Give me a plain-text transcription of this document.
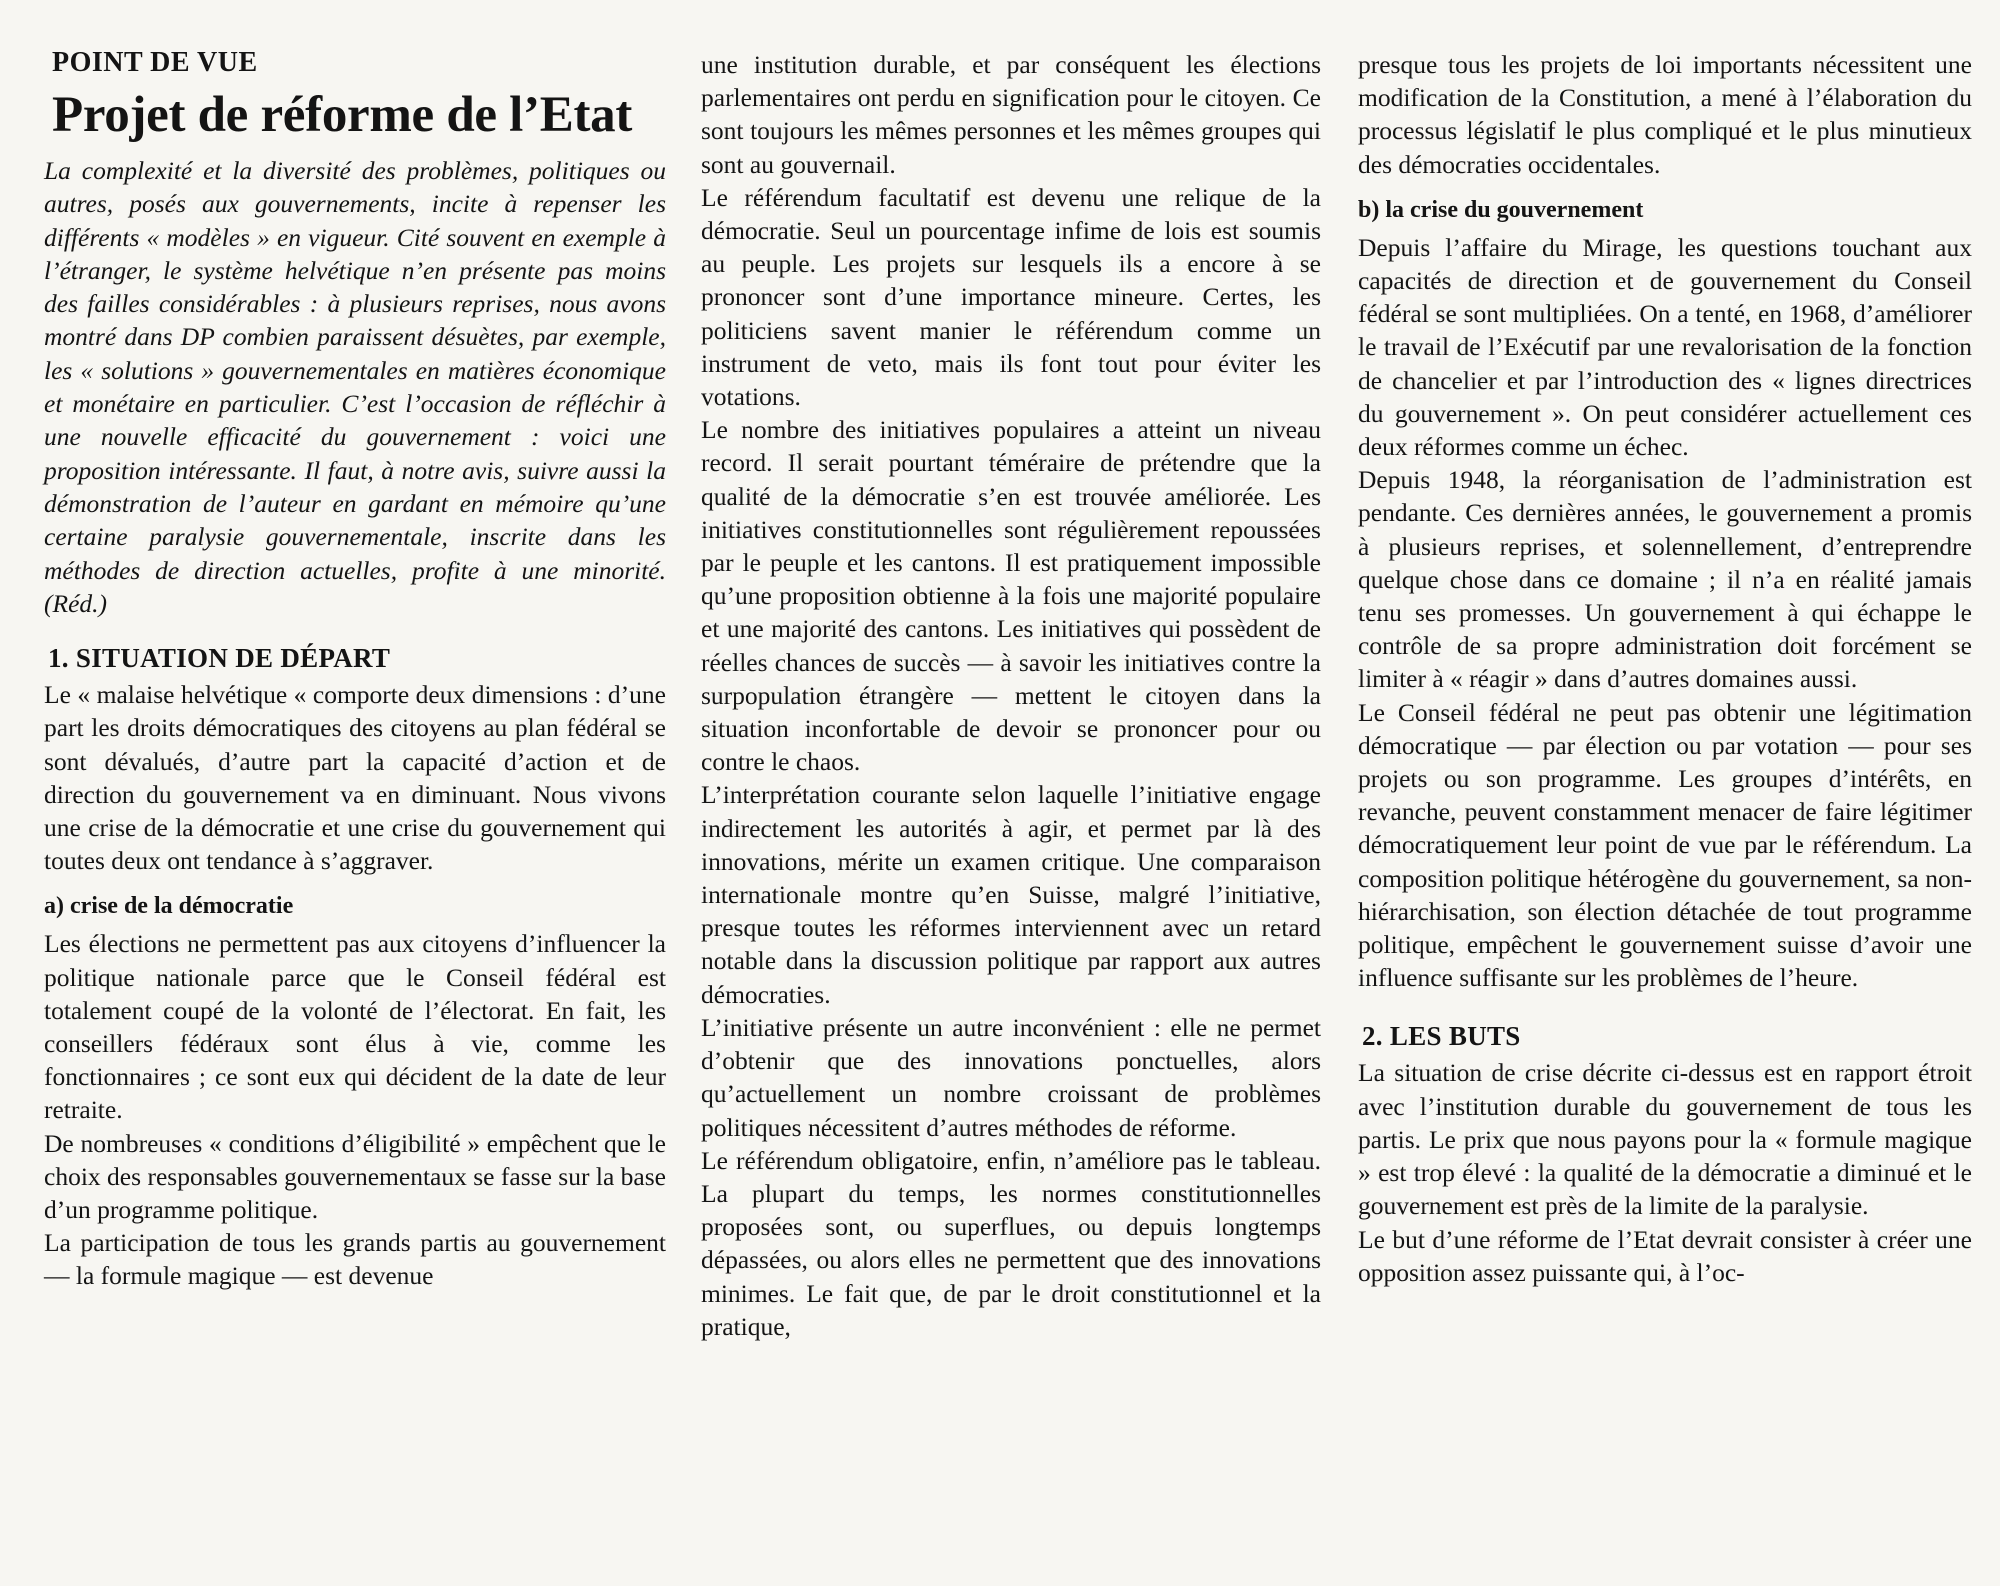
POINT DE VUE
Projet de réforme de l’Etat

La complexité et la diversité des problèmes, politiques ou autres, posés aux gouvernements, incite à repenser les différents « modèles » en vigueur. Cité souvent en exemple à l’étranger, le système helvétique n’en présente pas moins des failles considérables : à plusieurs reprises, nous avons montré dans DP combien paraissent désuètes, par exemple, les « solutions » gouvernementales en matières économique et monétaire en particulier. C’est l’occasion de réfléchir à une nouvelle efficacité du gouvernement : voici une proposition intéressante. Il faut, à notre avis, suivre aussi la démonstration de l’auteur en gardant en mémoire qu’une certaine paralysie gouvernementale, inscrite dans les méthodes de direction actuelles, profite à une minorité. (Réd.)

1. SITUATION DE DÉPART

Le « malaise helvétique « comporte deux dimensions : d’une part les droits démocratiques des citoyens au plan fédéral se sont dévalués, d’autre part la capacité d’action et de direction du gouvernement va en diminuant. Nous vivons une crise de la démocratie et une crise du gouvernement qui toutes deux ont tendance à s’aggraver.

a) crise de la démocratie

Les élections ne permettent pas aux citoyens d’influencer la politique nationale parce que le Conseil fédéral est totalement coupé de la volonté de l’électorat. En fait, les conseillers fédéraux sont élus à vie, comme les fonctionnaires ; ce sont eux qui décident de la date de leur retraite.

De nombreuses « conditions d’éligibilité » empêchent que le choix des responsables gouvernementaux se fasse sur la base d’un programme politique.

La participation de tous les grands partis au gouvernement — la formule magique — est devenue

une institution durable, et par conséquent les élections parlementaires ont perdu en signification pour le citoyen. Ce sont toujours les mêmes personnes et les mêmes groupes qui sont au gouvernail.

Le référendum facultatif est devenu une relique de la démocratie. Seul un pourcentage infime de lois est soumis au peuple. Les projets sur lesquels ils a encore à se prononcer sont d’une importance mineure. Certes, les politiciens savent manier le référendum comme un instrument de veto, mais ils font tout pour éviter les votations.

Le nombre des initiatives populaires a atteint un niveau record. Il serait pourtant téméraire de prétendre que la qualité de la démocratie s’en est trouvée améliorée. Les initiatives constitutionnelles sont régulièrement repoussées par le peuple et les cantons. Il est pratiquement impossible qu’une proposition obtienne à la fois une majorité populaire et une majorité des cantons. Les initiatives qui possèdent de réelles chances de succès — à savoir les initiatives contre la surpopulation étrangère — mettent le citoyen dans la situation inconfortable de devoir se prononcer pour ou contre le chaos.

L’interprétation courante selon laquelle l’initiative engage indirectement les autorités à agir, et permet par là des innovations, mérite un examen critique. Une comparaison internationale montre qu’en Suisse, malgré l’initiative, presque toutes les réformes interviennent avec un retard notable dans la discussion politique par rapport aux autres démocraties.

L’initiative présente un autre inconvénient : elle ne permet d’obtenir que des innovations ponctuelles, alors qu’actuellement un nombre croissant de problèmes politiques nécessitent d’autres méthodes de réforme.

Le référendum obligatoire, enfin, n’améliore pas le tableau. La plupart du temps, les normes constitutionnelles proposées sont, ou superflues, ou depuis longtemps dépassées, ou alors elles ne permettent que des innovations minimes. Le fait que, de par le droit constitutionnel et la pratique,

presque tous les projets de loi importants nécessitent une modification de la Constitution, a mené à l’élaboration du processus législatif le plus compliqué et le plus minutieux des démocraties occidentales.

b) la crise du gouvernement

Depuis l’affaire du Mirage, les questions touchant aux capacités de direction et de gouvernement du Conseil fédéral se sont multipliées. On a tenté, en 1968, d’améliorer le travail de l’Exécutif par une revalorisation de la fonction de chancelier et par l’introduction des « lignes directrices du gouvernement ». On peut considérer actuellement ces deux réformes comme un échec.

Depuis 1948, la réorganisation de l’administration est pendante. Ces dernières années, le gouvernement a promis à plusieurs reprises, et solennellement, d’entreprendre quelque chose dans ce domaine ; il n’a en réalité jamais tenu ses promesses. Un gouvernement à qui échappe le contrôle de sa propre administration doit forcément se limiter à « réagir » dans d’autres domaines aussi.

Le Conseil fédéral ne peut pas obtenir une légitimation démocratique — par élection ou par votation — pour ses projets ou son programme. Les groupes d’intérêts, en revanche, peuvent constamment menacer de faire légitimer démocratiquement leur point de vue par le référendum. La composition politique hétérogène du gouvernement, sa non-hiérarchisation, son élection détachée de tout programme politique, empêchent le gouvernement suisse d’avoir une influence suffisante sur les problèmes de l’heure.

2. LES BUTS

La situation de crise décrite ci-dessus est en rapport étroit avec l’institution durable du gouvernement de tous les partis. Le prix que nous payons pour la « formule magique » est trop élevé : la qualité de la démocratie a diminué et le gouvernement est près de la limite de la paralysie.

Le but d’une réforme de l’Etat devrait consister à créer une opposition assez puissante qui, à l’oc-
